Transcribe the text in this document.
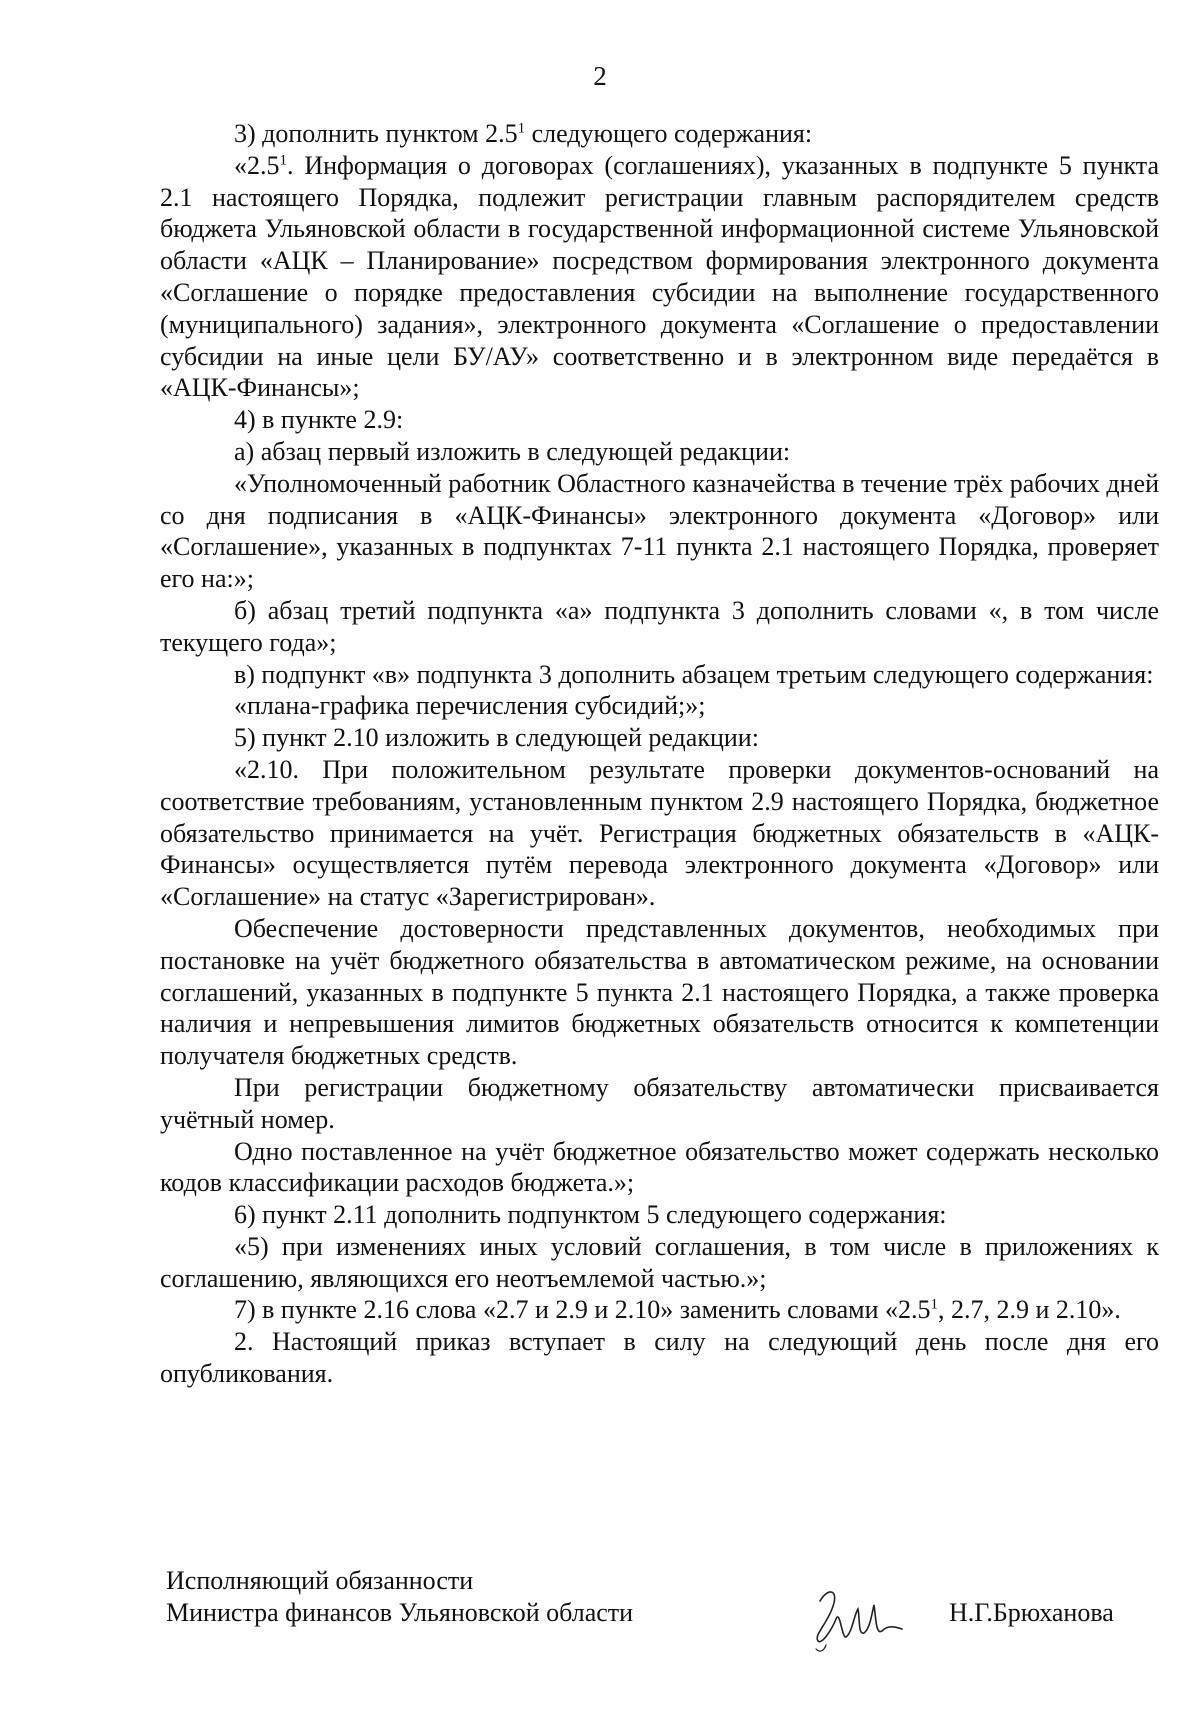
2

3) дополнить пунктом $2.5^1$ следующего содержания:

«$2.5^1$. Информация о договорах (соглашениях), указанных в подпункте 5 пункта 2.1 настоящего Порядка, подлежит регистрации главным распорядителем средств бюджета Ульяновской области в государственной информационной системе Ульяновской области «АЦК – Планирование» посредством формирования электронного документа «Соглашение о порядке предоставления субсидии на выполнение государственного (муниципального) задания», электронного документа «Соглашение о предоставлении субсидии на иные цели БУ/АУ» соответственно и в электронном виде передаётся в «АЦК-Финансы»;

4) в пункте 2.9:

а) абзац первый изложить в следующей редакции:

«Уполномоченный работник Областного казначейства в течение трёх рабочих дней со дня подписания в «АЦК-Финансы» электронного документа «Договор» или «Соглашение», указанных в подпунктах 7-11 пункта 2.1 настоящего Порядка, проверяет его на:»;

б) абзац третий подпункта «а» подпункта 3 дополнить словами «, в том числе текущего года»;

в) подпункт «в» подпункта 3 дополнить абзацем третьим следующего содержания:

«плана-графика перечисления субсидий;»;

5) пункт 2.10 изложить в следующей редакции:

«2.10. При положительном результате проверки документов-оснований на соответствие требованиям, установленным пунктом 2.9 настоящего Порядка, бюджетное обязательство принимается на учёт. Регистрация бюджетных обязательств в «АЦК-Финансы» осуществляется путём перевода электронного документа «Договор» или «Соглашение» на статус «Зарегистрирован».

Обеспечение достоверности представленных документов, необходимых при постановке на учёт бюджетного обязательства в автоматическом режиме, на основании соглашений, указанных в подпункте 5 пункта 2.1 настоящего Порядка, а также проверка наличия и непревышения лимитов бюджетных обязательств относится к компетенции получателя бюджетных средств.

При регистрации бюджетному обязательству автоматически присваивается учётный номер.

Одно поставленное на учёт бюджетное обязательство может содержать несколько кодов классификации расходов бюджета.»;

6) пункт 2.11 дополнить подпунктом 5 следующего содержания:

«5) при изменениях иных условий соглашения, в том числе в приложениях к соглашению, являющихся его неотъемлемой частью.»;

7) в пункте 2.16 слова «2.7 и 2.9 и 2.10» заменить словами «$2.5^1$, 2.7, 2.9 и 2.10».

2. Настоящий приказ вступает в силу на следующий день после дня его опубликования.

Исполняющий обязанности
Министра финансов Ульяновской области	Н.Г.Брюханова
